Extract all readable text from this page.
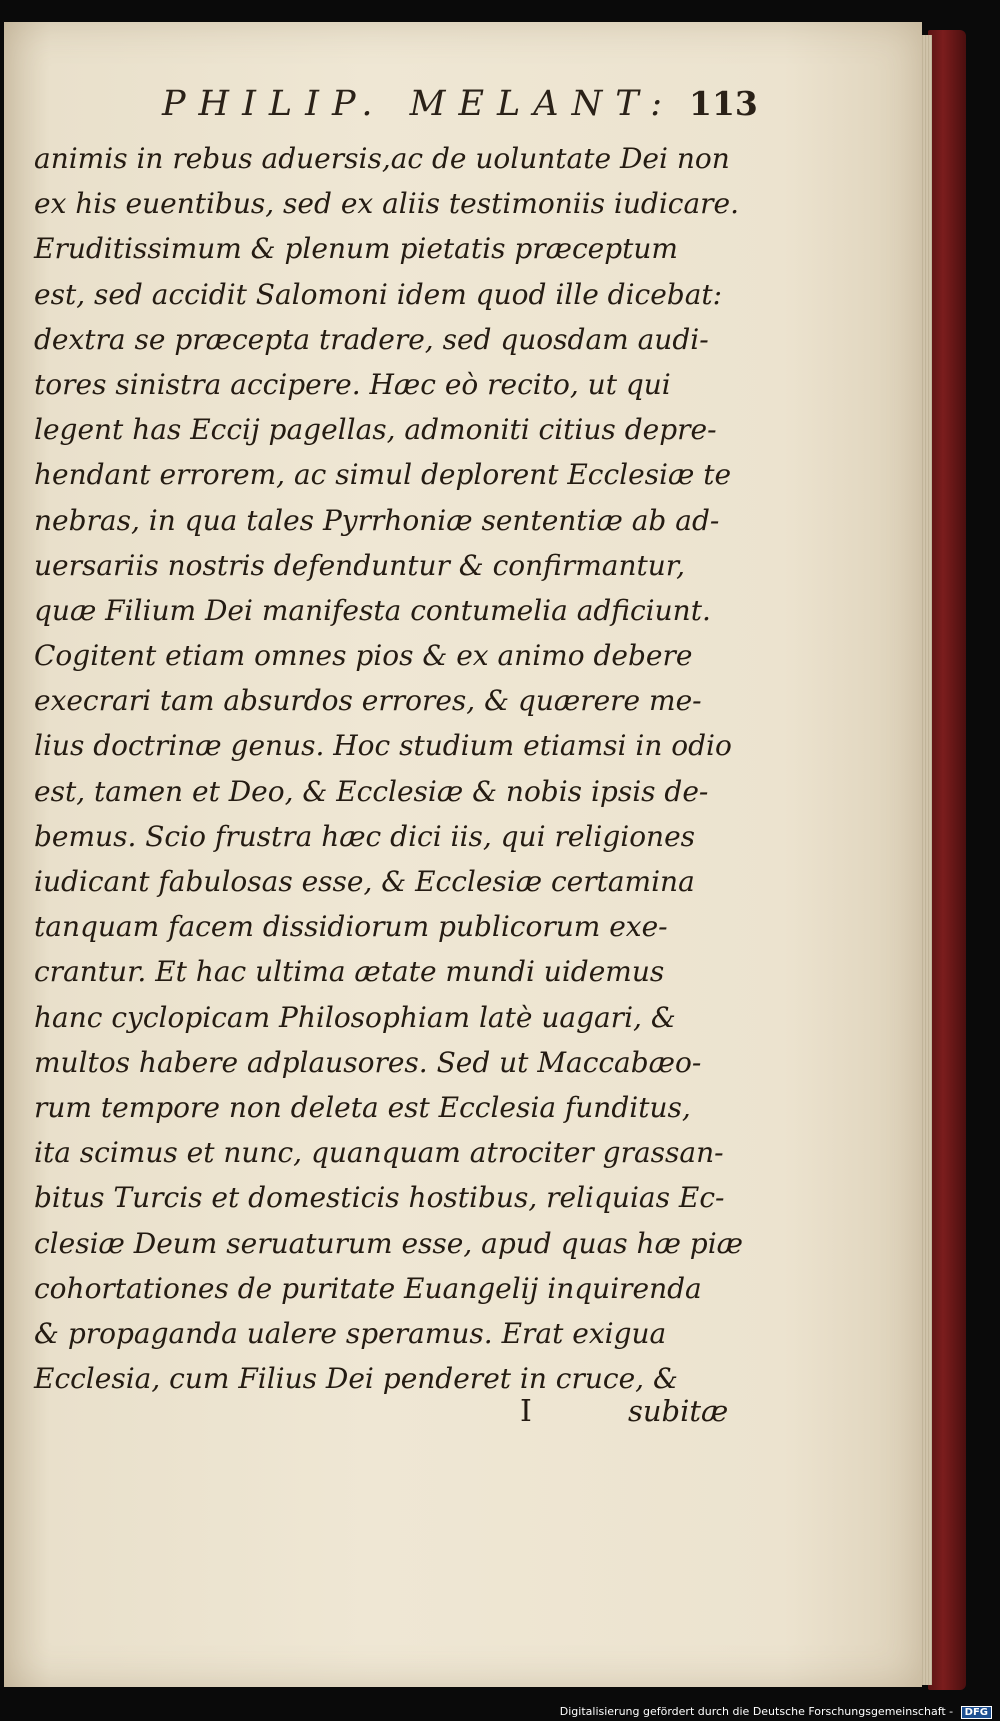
PHILIP. MELANT: 113
animis in rebus aduersis,ac de uoluntate Dei non
ex his euentibus, sed ex aliis testimoniis iudicare.
Eruditissimum & plenum pietatis præceptum
est, sed accidit Salomoni idem quod ille dicebat:
dextra se præcepta tradere, sed quosdam audi-
tores sinistra accipere. Hæc eò recito, ut qui
legent has Eccij pagellas, admoniti citius depre-
hendant errorem, ac simul deplorent Ecclesiæ te
nebras, in qua tales Pyrrhoniæ sententiæ ab ad-
uersariis nostris defenduntur & confirmantur,
quæ Filium Dei manifesta contumelia adficiunt.
Cogitent etiam omnes pios & ex animo debere
execrari tam absurdos errores, & quærere me-
lius doctrinæ genus. Hoc studium etiamsi in odio
est, tamen et Deo, & Ecclesiæ & nobis ipsis de-
bemus. Scio frustra hæc dici iis, qui religiones
iudicant fabulosas esse, & Ecclesiæ certamina
tanquam facem dissidiorum publicorum exe-
crantur. Et hac ultima ætate mundi uidemus
hanc cyclopicam Philosophiam latè uagari, &
multos habere adplausores. Sed ut Maccabæo-
rum tempore non deleta est Ecclesia funditus,
ita scimus et nunc, quanquam atrociter grassan-
bitus Turcis et domesticis hostibus, reliquias Ec-
clesiæ Deum seruaturum esse, apud quas hæ piæ
cohortationes de puritate Euangelij inquirenda
& propaganda ualere speramus. Erat exigua
Ecclesia, cum Filius Dei penderet in cruce, &
I	subitæ
Digitalisierung gefördert durch die Deutsche Forschungsgemeinschaft - DFG
